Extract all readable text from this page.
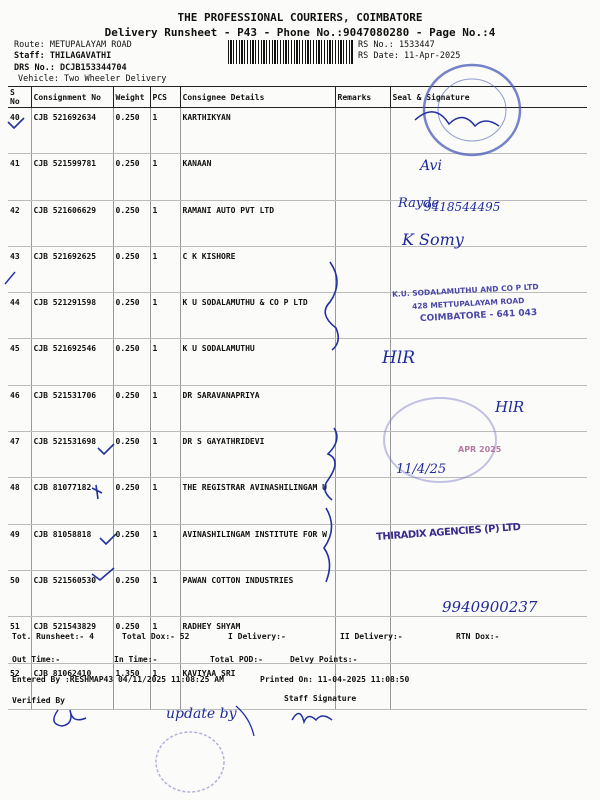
THE PROFESSIONAL COURIERS, COIMBATORE
Delivery Runsheet - P43 - Phone No.:9047080280 - Page No.:4
Route: METUPALAYAM ROAD
Staff: THILAGAVATHI
DRS No.: DCJB153344704
Vehicle: Two Wheeler Delivery
RS No.: 1533447
RS Date: 11-Apr-2025
S No	Consignment No	Weight	PCS	Consignee Details	Remarks	Seal & Signature
40	CJB 521692634	0.250	1	KARTHIKYAN		
41	CJB 521599781	0.250	1	KANAAN		
42	CJB 521606629	0.250	1	RAMANI AUTO PVT LTD		
43	CJB 521692625	0.250	1	C K KISHORE		
44	CJB 521291598	0.250	1	K U SODALAMUTHU & CO P LTD		
45	CJB 521692546	0.250	1	K U SODALAMUTHU		
46	CJB 521531706	0.250	1	DR SARAVANAPRIYA		
47	CJB 521531698	0.250	1	DR S GAYATHRIDEVI		
48	CJB 81077182	0.250	1	THE REGISTRAR AVINASHILINGAM U		
49	CJB 81058818	0.250	1	AVINASHILINGAM INSTITUTE FOR W		
50	CJB 521560530	0.250	1	PAWAN COTTON INDUSTRIES		
51	CJB 521543829	0.250	1	RADHEY SHYAM		
52	CJB 81062410	1.350	1	KAVIYAA SRI		
Tot. Runsheet:- 4	Total Dox:- 52	I Delivery:-	II Delivery:-	RTN Dox:-
Out Time:-	In Time:-	Total POD:-	Delvy Points:-
Entered By :RESHMAP43 04/11/2025 11:08:25 AM	Printed On: 11-04-2025 11:08:50
Verified By	Staff Signature
K.U. SODALAMUTHU AND CO P LTD
428 METTUPALAYAM ROAD
COIMBATORE - 641 043
APR 2025
THIRADIX AGENCIES (P) LTD
Rayde
9418544495
Avi
K Somy
HlR
HlR
11/4/25
9940900237
update by
